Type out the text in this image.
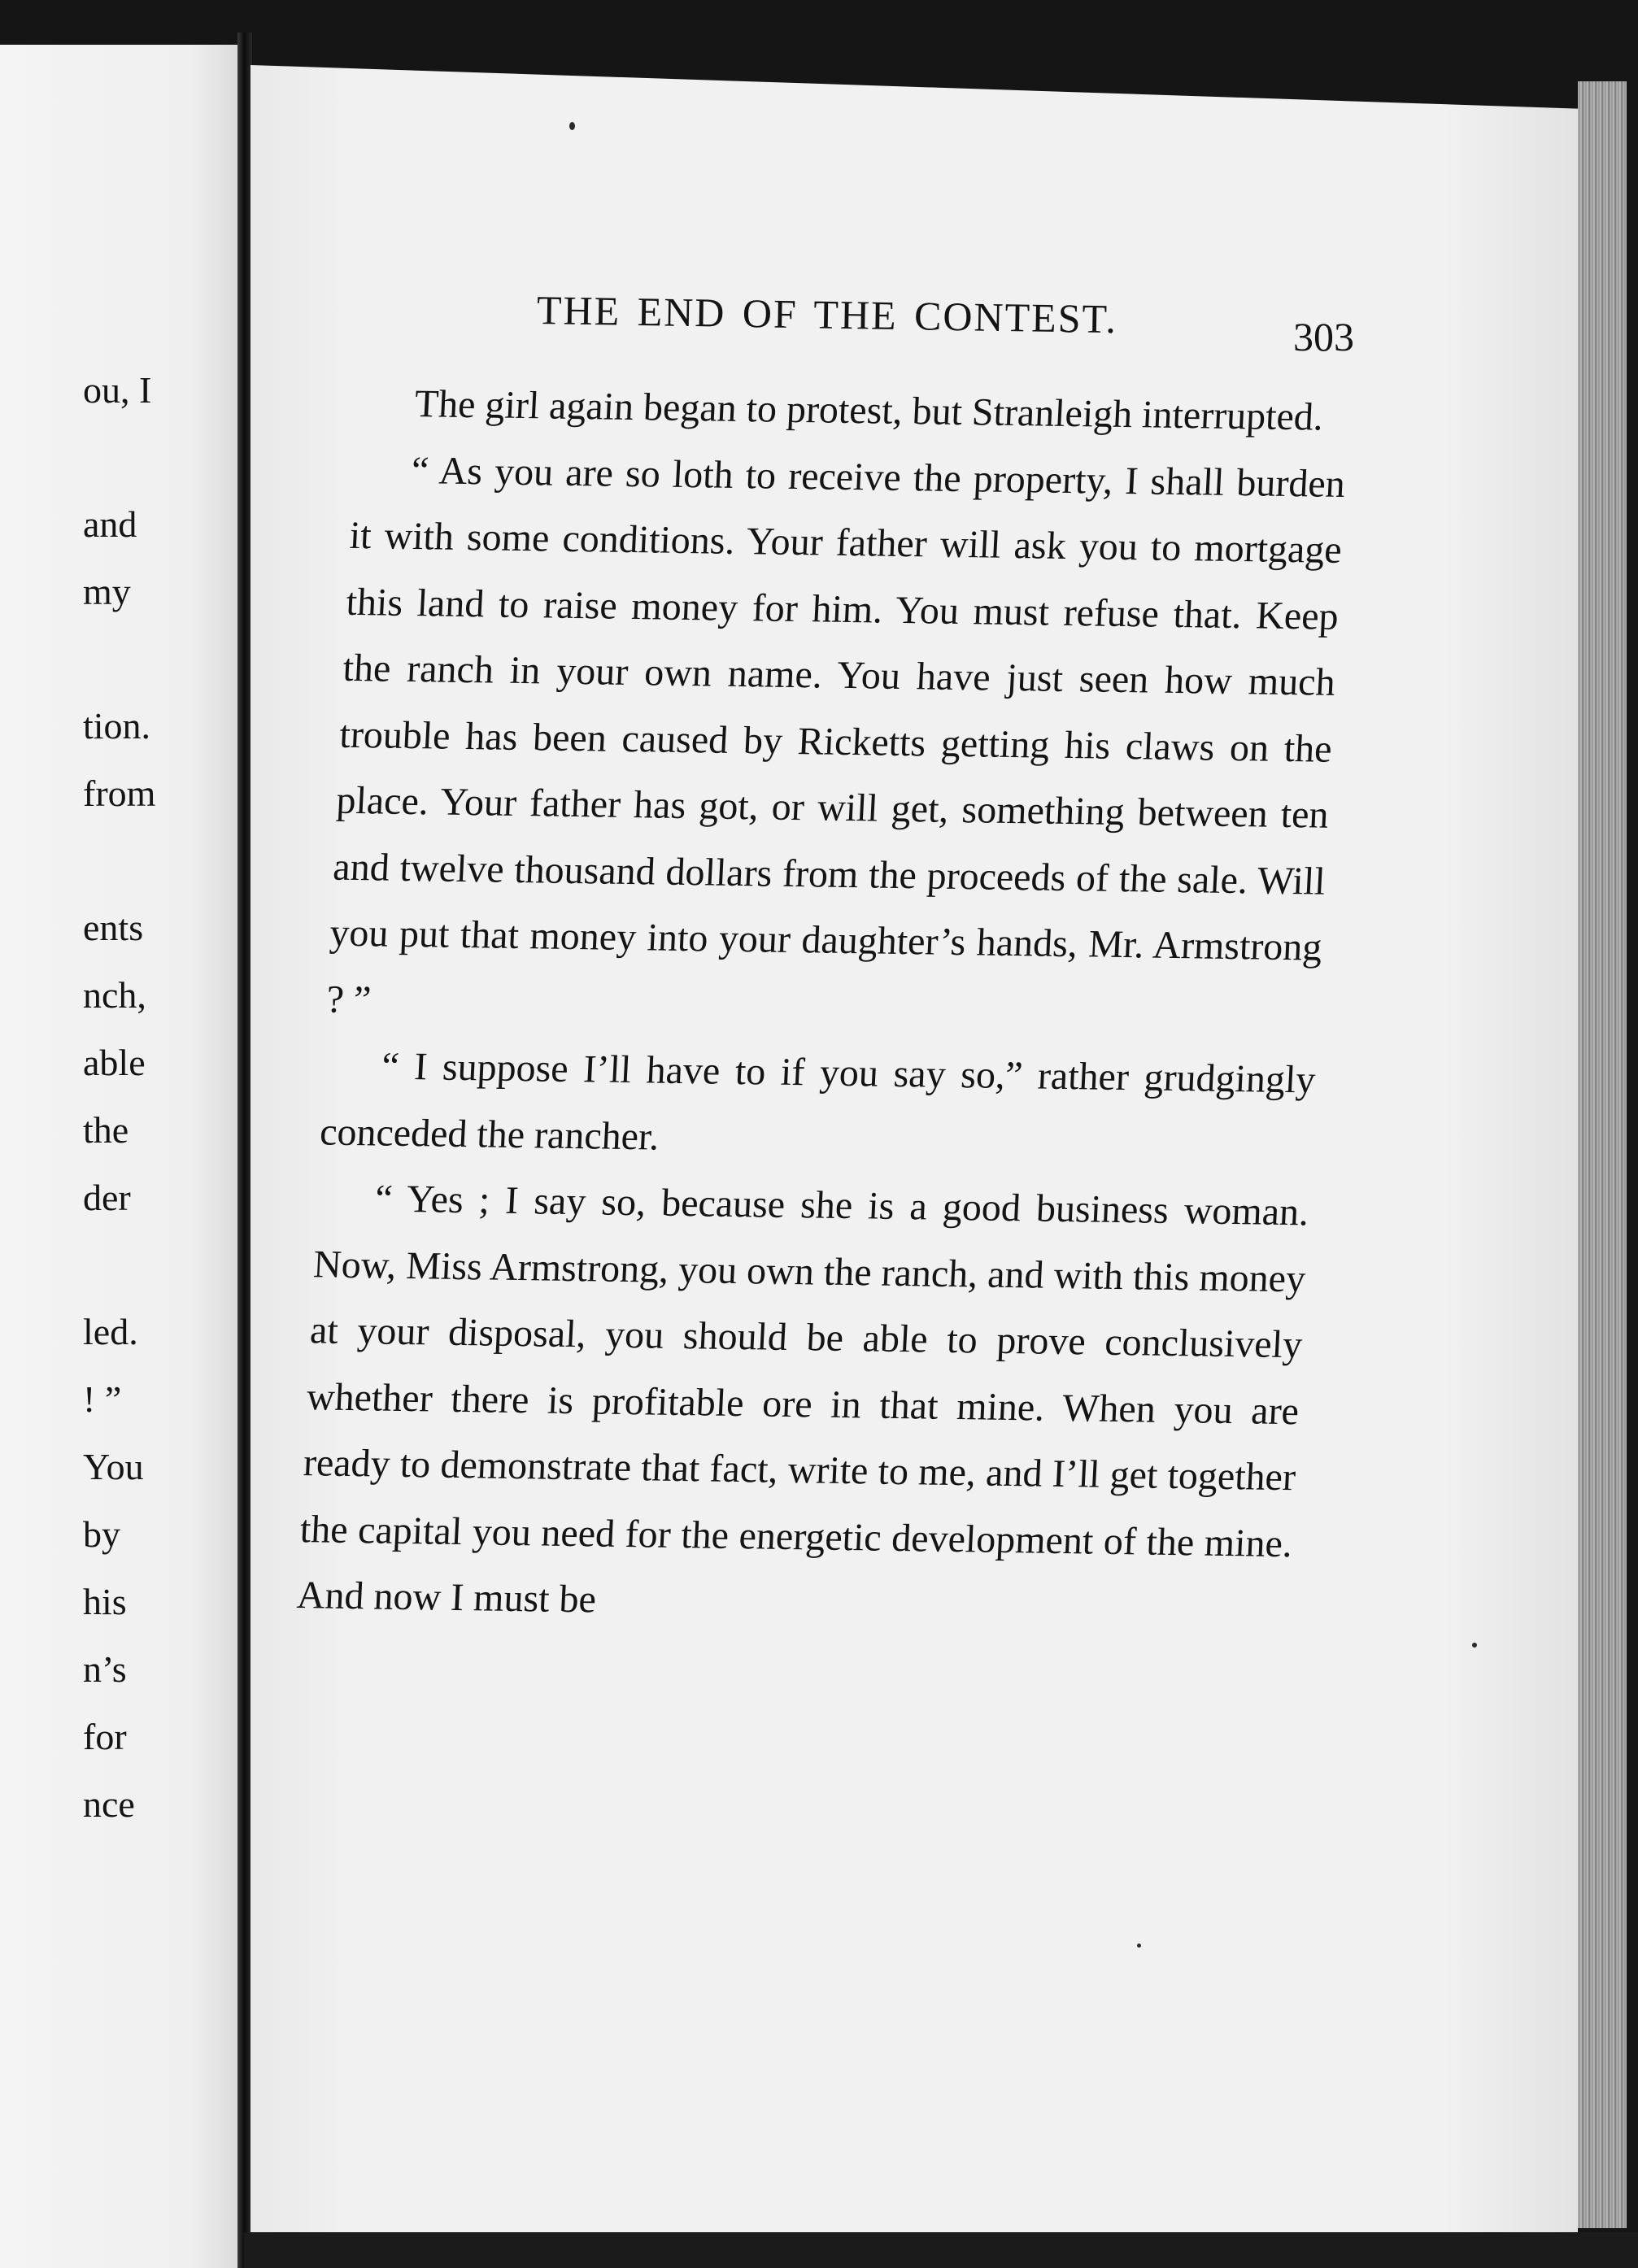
ou, I
and
my
tion.
from
ents
nch,
able
the
der
led.
! ”
You
by
his
n’s
for
nce
THE END OF THE CONTEST.	303

The girl again began to protest, but Stranleigh interrupted.

“ As you are so loth to receive the property, I shall burden it with some conditions. Your father will ask you to mortgage this land to raise money for him. You must refuse that. Keep the ranch in your own name. You have just seen how much trouble has been caused by Ricketts getting his claws on the place. Your father has got, or will get, something between ten and twelve thousand dollars from the proceeds of the sale. Will you put that money into your daughter’s hands, Mr. Armstrong ? ”

“ I suppose I’ll have to if you say so,” rather grudgingly conceded the rancher.

“ Yes ; I say so, because she is a good business woman. Now, Miss Armstrong, you own the ranch, and with this money at your disposal, you should be able to prove conclusively whether there is profitable ore in that mine. When you are ready to demonstrate that fact, write to me, and I’ll get together the capital you need for the energetic development of the mine. And now I must be
